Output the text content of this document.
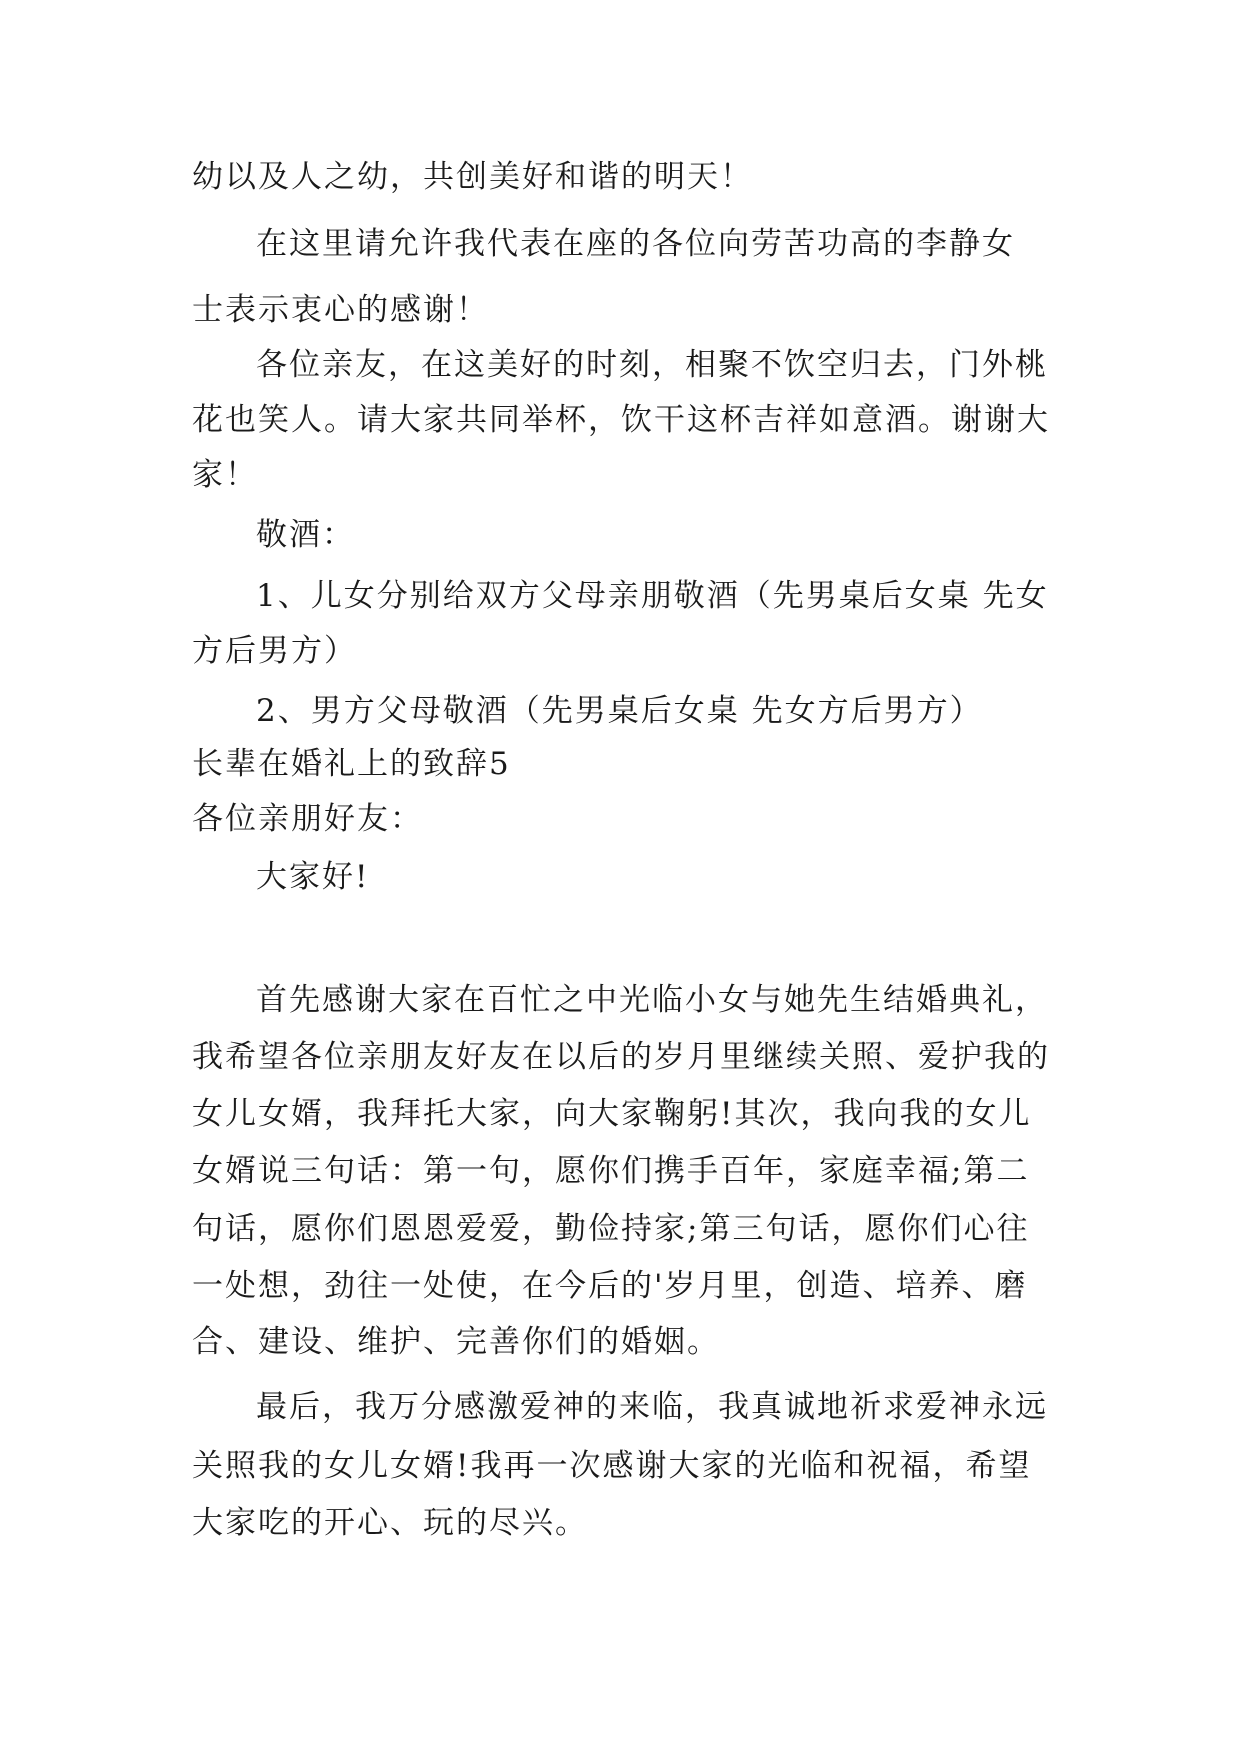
幼以及人之幼，共创美好和谐的明天！
在这里请允许我代表在座的各位向劳苦功高的李静女
士表示衷心的感谢！
各位亲友，在这美好的时刻，相聚不饮空归去，门外桃
花也笑人。请大家共同举杯，饮干这杯吉祥如意酒。谢谢大
家！
敬酒：
1、儿女分别给双方父母亲朋敬酒（先男桌后女桌 先女
方后男方）
2、男方父母敬酒（先男桌后女桌 先女方后男方）
长辈在婚礼上的致辞5
各位亲朋好友：
大家好!
首先感谢大家在百忙之中光临小女与她先生结婚典礼，
我希望各位亲朋友好友在以后的岁月里继续关照、爱护我的
女儿女婿，我拜托大家，向大家鞠躬!其次，我向我的女儿
女婿说三句话：第一句，愿你们携手百年，家庭幸福;第二
句话，愿你们恩恩爱爱，勤俭持家;第三句话，愿你们心往
一处想，劲往一处使，在今后的'岁月里，创造、培养、磨
合、建设、维护、完善你们的婚姻。
最后，我万分感激爱神的来临，我真诚地祈求爱神永远
关照我的女儿女婿!我再一次感谢大家的光临和祝福，希望
大家吃的开心、玩的尽兴。
